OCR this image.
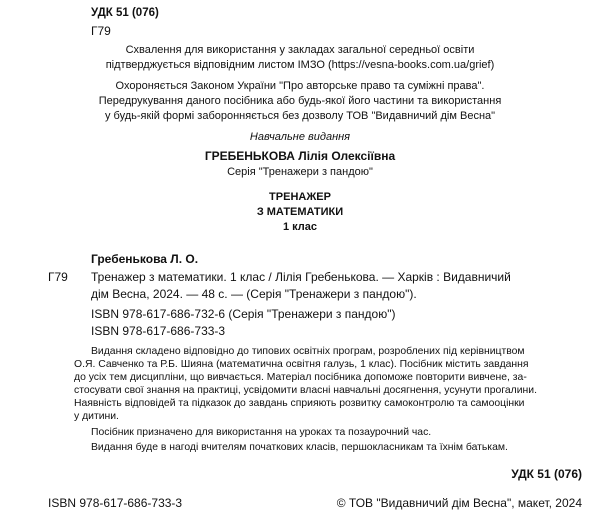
УДК 51 (076)
Г79
Схвалення для використання у закладах загальної середньої освіти
підтверджується відповідним листом ІМЗО (https://vesna-books.com.ua/grief)
Охороняється Законом України "Про авторське право та суміжні права".
Передрукування даного посібника або будь-якої його частини та використання
у будь-якій формі заборонняється без дозволу ТОВ "Видавничий дім Весна"
Навчальне видання
ГРЕБЕНЬКОВА Лілія Олексіївна
Серія "Тренажери з пандою"
ТРЕНАЖЕР
З МАТЕМАТИКИ
1 клас
Гребенькова Л. О.
Г79 Тренажер з математики. 1 клас / Лілія Гребенькова. — Харків : Видавничий
дім Весна, 2024. — 48 с. — (Серія "Тренажери з пандою").
ISBN 978-617-686-732-6 (Серія "Тренажери з пандою")
ISBN 978-617-686-733-3
Видання складено відповідно до типових освітніх програм, розроблених під керівництвом
О.Я. Савченко та Р.Б. Шияна (математична освітня галузь, 1 клас). Посібник містить завдання
до усіх тем дисципліни, що вивчається. Матеріал посібника допоможе повторити вивчене, за-
стосувати свої знання на практиці, усвідомити власні навчальні досягнення, усунути прогалини.
Наявність відповідей та підказок до завдань сприяють розвитку самоконтролю та самооцінки
у дитини.
Посібник призначено для використання на уроках та позаурочний час.
Видання буде в нагоді вчителям початкових класів, першокласникам та їхнім батькам.
УДК 51 (076)
ISBN 978-617-686-733-3	© ТОВ "Видавничий дім Весна", макет, 2024
